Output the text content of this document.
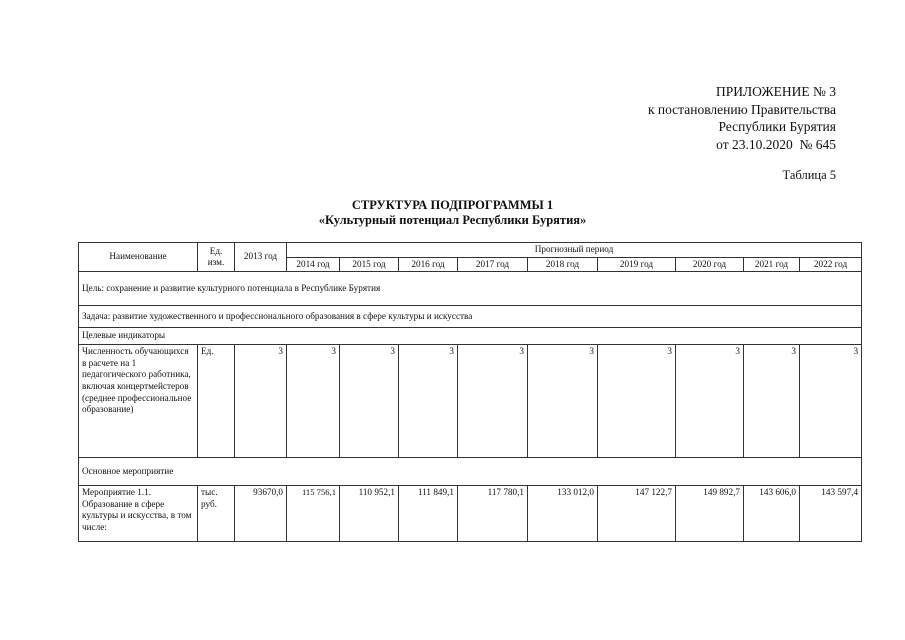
ПРИЛОЖЕНИЕ № 3
к постановлению Правительства
Республики Бурятия
от 23.10.2020  № 645
Таблица 5
СТРУКТУРА ПОДПРОГРАММЫ 1
«Культурный потенциал Республики Бурятия»
Наименование	Ед. изм.	2013 год	Прогнозный период								
			2014 год	2015 год	2016 год	2017 год	2018 год	2019 год	2020 год	2021 год	2022 год
Цель: сохранение и развитие культурного потенциала в Республике Бурятия											
Задача: развитие художественного и профессионального образования в сфере культуры и искусства											
Целевые индикаторы											
Численность обучающихся в расчете на 1 педагогического работника, включая концертмейстеров (среднее профессиональное образование)	Ед.	3	3	3	3	3	3	3	3	3	3
Основное мероприятие											
Мероприятие 1.1. Образование в сфере культуры и искусства, в том числе:	тыс. руб.	93670,0	115 756,1	110 952,1	111 849,1	117 780,1	133 012,0	147 122,7	149 892,7	143 606,0	143 597,4
